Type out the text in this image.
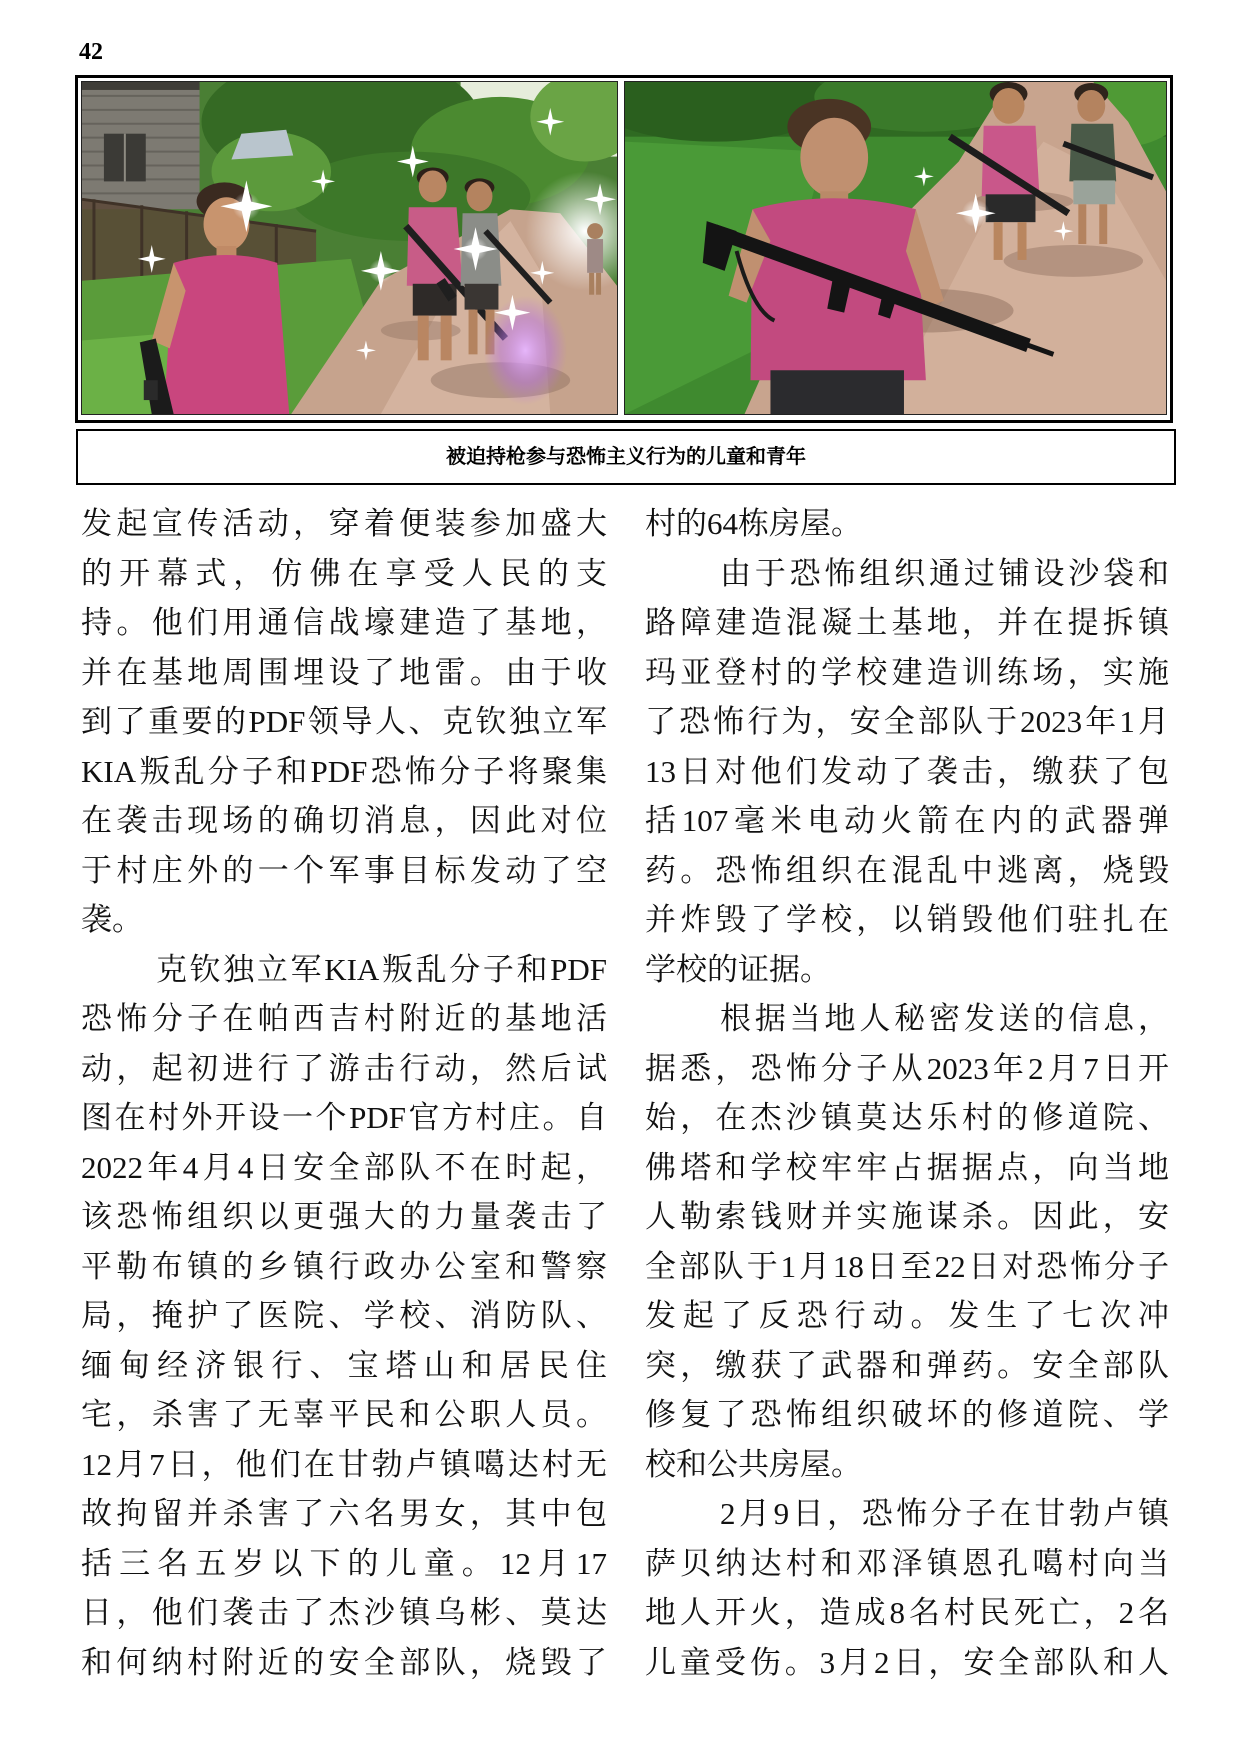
42
被迫持枪参与恐怖主义行为的儿童和青年
发起宣传活动，穿着便装参加盛大
的开幕式，仿佛在享受人民的支
持。他们用通信战壕建造了基地，
并在基地周围埋设了地雷。由于收
到了重要的PDF领导人、克钦独立军
KIA叛乱分子和PDF恐怖分子将聚集
在袭击现场的确切消息，因此对位
于村庄外的一个军事目标发动了空
袭。
克钦独立军KIA叛乱分子和PDF
恐怖分子在帕西吉村附近的基地活
动，起初进行了游击行动，然后试
图在村外开设一个PDF官方村庄。自
2022年4月4日安全部队不在时起，
该恐怖组织以更强大的力量袭击了
平勒布镇的乡镇行政办公室和警察
局，掩护了医院、学校、消防队、
缅甸经济银行、宝塔山和居民住
宅，杀害了无辜平民和公职人员。
12月7日，他们在甘勃卢镇噶达村无
故拘留并杀害了六名男女，其中包
括三名五岁以下的儿童。12月17
日，他们袭击了杰沙镇乌彬、莫达
和何纳村附近的安全部队，烧毁了
村的64栋房屋。
由于恐怖组织通过铺设沙袋和
路障建造混凝土基地，并在提拆镇
玛亚登村的学校建造训练场，实施
了恐怖行为，安全部队于2023年1月
13日对他们发动了袭击，缴获了包
括107毫米电动火箭在内的武器弹
药。恐怖组织在混乱中逃离，烧毁
并炸毁了学校，以销毁他们驻扎在
学校的证据。
根据当地人秘密发送的信息，
据悉，恐怖分子从2023年2月7日开
始，在杰沙镇莫达乐村的修道院、
佛塔和学校牢牢占据据点，向当地
人勒索钱财并实施谋杀。因此，安
全部队于1月18日至22日对恐怖分子
发起了反恐行动。发生了七次冲
突，缴获了武器和弹药。安全部队
修复了恐怖组织破坏的修道院、学
校和公共房屋。
2月9日，恐怖分子在甘勃卢镇
萨贝纳达村和邓泽镇恩孔噶村向当
地人开火，造成8名村民死亡，2名
儿童受伤。3月2日，安全部队和人
